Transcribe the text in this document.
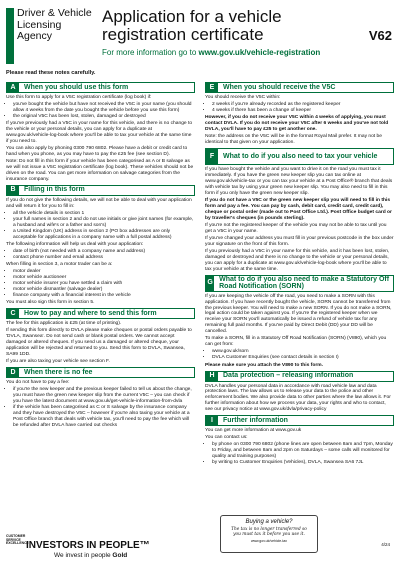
Driver & Vehicle
Licensing
Agency
Application for a vehicle
registration certificate
For more information go to www.gov.uk/vehicle-registration
V62
Please read these notes carefully.
A	When you should use this form

Use this form to apply for a V5C registration certificate (log book) if:

• you've bought the vehicle but have not received the V5C in your name (you should allow 4 weeks from the date you bought the vehicle before you use this form)
• the original V5C has been lost, stolen, damaged or destroyed

If you've previously had a V5C in your name for this vehicle, and there is no change to the vehicle or your personal details, you can apply for a duplicate at www.gov.uk/vehicle-log-book where you'll be able to tax your vehicle at the same time if you need to.

You can also apply by phoning 0300 790 6802. Please have a debit or credit card to hand when you phone, as you may have to pay the £25 fee (see section D).

Note: Do not fill in this form if your vehicle has been categorised as A or B salvage as we will not issue a V5C registration certificate (log book). These vehicles should not be driven on the road. You can get more information on salvage categories from the insurance company.

B	Filling in this form

If you do not give the following details, we will not be able to deal with your application and will return it for you to fill in:

• all the vehicle details in section 1
• your full names in section 2 and do not use initials or give joint names (for example, a husband and wife's or a father and son's)
• a United Kingdom (UK) address in section 2 (PO box addresses are only acceptable for applications in a company name with a full postal address)

The following information will help us deal with your application:

• date of birth (not needed with a company name and address)
• contact phone number and email address

When filling in section 3, a motor trader can be a:

• motor dealer
• motor vehicle auctioneer
• motor vehicle insurer you have settled a claim with
• motor vehicle dismantler (salvage dealer)
• finance company with a financial interest in the vehicle

You must also sign this form in section 5.

C	How to pay and where to send this form

The fee for this application is £25 (at time of printing).

If sending this form directly to DVLA please make cheques or postal orders payable to 'DVLA, Swansea'. Do not send cash or blank postal orders. We cannot accept damaged or altered cheques. If you send us a damaged or altered cheque, your application will be rejected and returned to you. Send this form to DVLA, Swansea, SA99 1DD.

If you are also taxing your vehicle see section F.

D	When there is no fee

You do not have to pay a fee:

• if you're the new keeper and the previous keeper failed to tell us about the change, you must have the green new keeper slip from the current V5C – you can check if you have the latest document at www.gov.uk/get-vehicle-information-from-dvla
• if the vehicle has been categorised as C or S salvage by the insurance company and they have destroyed the V5C – however if you're also taxing your vehicle at a Post Office branch that deals with vehicle tax, you'll need to pay the fee which will be refunded after DVLA have carried out checks
E	When you should receive the V5C

You should receive the V5C within:

• 2 weeks if you're already recorded as the registered keeper
• 4 weeks if there has been a change of keeper

However, if you do not receive your V5C within 4 weeks of applying, you must contact DVLA. If you do not receive your V5C after 6 weeks and you've not told DVLA, you'll have to pay £25 to get another one.

Note: the address on the V5C will be in the format Royal Mail prefer. It may not be identical to that given on your application.

F	What to do if you also need to tax your vehicle

If you have bought the vehicle and you want to drive it on the road you must tax it immediately. If you have the green new keeper slip you can tax online at www.gov.uk/vehicle-tax or you can tax your vehicle at a Post Office® branch that deals with vehicle tax by using your green new keeper slip. You may also need to fill in this form if you only have the green new keeper slip.

If you do not have a V5C or the green new keeper slip you will need to fill in this form and pay a fee. You can pay by cash, debit card, credit card, credit card), cheque or postal order (made out to Post Office Ltd.). Post Office budget card or by traveller's cheques (in pounds sterling).

If you're not the registered keeper of the vehicle you may not be able to tax until you get a V5C in your name.

If you've changed your address you must fill in your previous postcode in the box under your signature on the front of this form.

If you previously had a V5C in your name for this vehicle, and it has been lost, stolen, damaged or destroyed and there is no change to the vehicle or your personal details, you can apply for a duplicate at www.gov.uk/vehicle-log-book where you'll be able to tax your vehicle at the same time.

G What to do if you also need to make a Statutory Off Road Notification (SORN)

If you are keeping the vehicle off the road, you need to make a SORN with this application. If you have recently bought the vehicle, SORN cannot be transferred from the previous keeper. You will need to make a new SORN. If you do not make a SORN, legal action could be taken against you. If you're the registered keeper when we receive your SORN you'll automatically be issued a refund of vehicle tax for any remaining full paid months. If you've paid by Direct Debit (DD) your DD will be cancelled.

To make a SORN, fill in a Statutory Off Road Notification (SORN) (V890), which you can get from:

• www.gov.uk/sorn
• DVLA Customer Enquiries (see contact details in section I)

Please make sure you attach the V890 to this form.

H	Data protection – releasing information

DVLA handles your personal data in accordance with road vehicle law and data protection laws. The law allows us to release your data to the police and other enforcement bodies. We also provide data to other parties where the law allows it. For further information about how we process your data, your rights and who to contact, see our privacy notice at www.gov.uk/dvla/privacy-policy

I	Further information

You can get more information at www.gov.uk

You can contact us:

• by phone on 0300 790 6802 (phone lines are open between 8am and 7pm, Monday to Friday, and between 8am and 2pm on Saturdays – some calls will monitored for quality and training purposes)
• by writing to Customer Enquiries (Vehicles), DVLA, Swansea SA6 7JL
CUSTOMER
SERVICE
EXCELLENCE
INVESTORS IN PEOPLE™
We invest in people Gold
Buying a vehicle?
The tax is no longer transferred so you must tax it before you use it.
www.gov.uk/vehicle-tax
4/24
